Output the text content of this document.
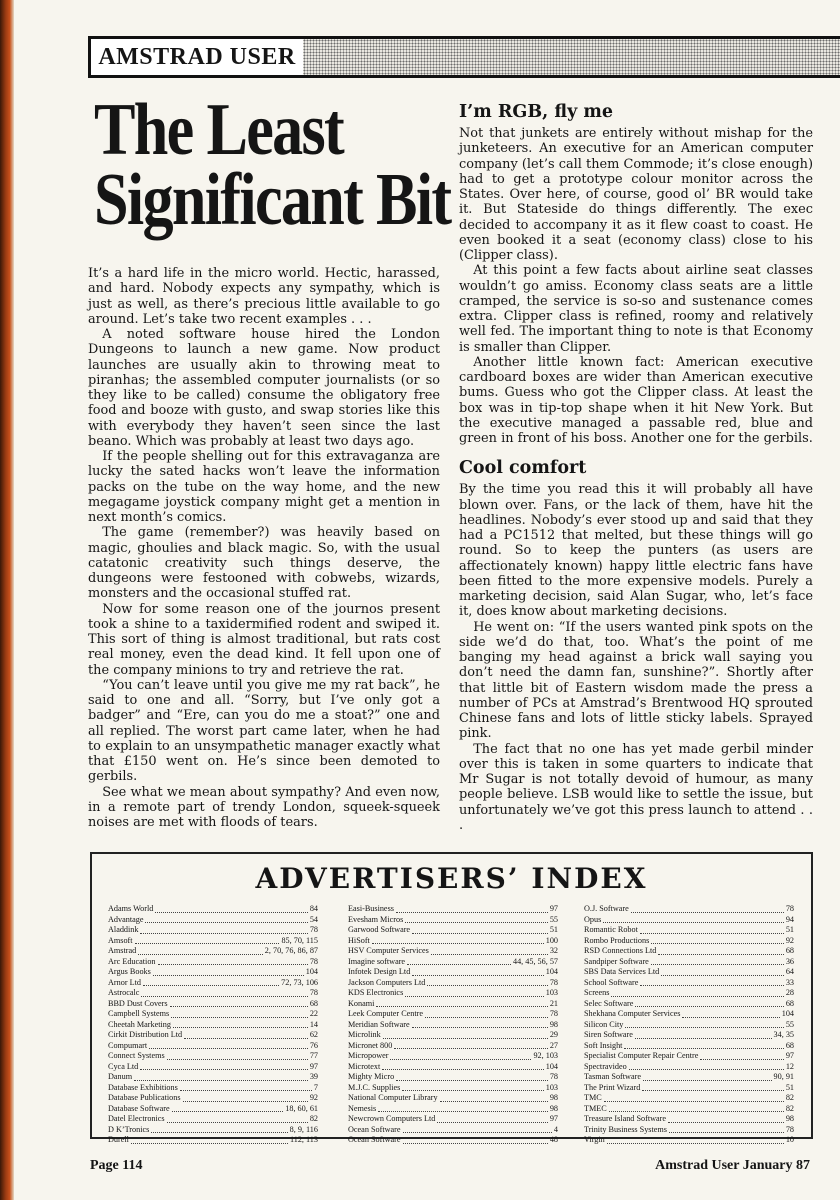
AMSTRAD USER
The Least
Significant Bit

It’s a hard life in the micro world. Hectic, harassed, and hard. Nobody expects any sympathy, which is just as well, as there’s precious little available to go around. Let’s take two recent examples . . .

A noted software house hired the London Dungeons to launch a new game. Now product launches are usually akin to throwing meat to piranhas; the assembled computer journalists (or so they like to be called) consume the obligatory free food and booze with gusto, and swap stories like this with everybody they haven’t seen since the last beano. Which was probably at least two days ago.

If the people shelling out for this extravaganza are lucky the sated hacks won’t leave the information packs on the tube on the way home, and the new megagame joystick company might get a mention in next month’s comics.

The game (remember?) was heavily based on magic, ghoulies and black magic. So, with the usual catatonic creativity such things deserve, the dungeons were festooned with cobwebs, wizards, monsters and the occasional stuffed rat.

Now for some reason one of the journos present took a shine to a taxidermified rodent and swiped it. This sort of thing is almost traditional, but rats cost real money, even the dead kind. It fell upon one of the company minions to try and retrieve the rat.

“You can’t leave until you give me my rat back”, he said to one and all. “Sorry, but I’ve only got a badger” and “Ere, can you do me a stoat?” one and all replied. The worst part came later, when he had to explain to an unsympathetic manager exactly what that £150 went on. He’s since been demoted to gerbils.

See what we mean about sympathy? And even now, in a remote part of trendy London, squeek-squeek noises are met with floods of tears.

I’m RGB, fly me

Not that junkets are entirely without mishap for the junketeers. An executive for an American computer company (let’s call them Commode; it’s close enough) had to get a prototype colour monitor across the States. Over here, of course, good ol’ BR would take it. But Stateside do things differently. The exec decided to accompany it as it flew coast to coast. He even booked it a seat (economy class) close to his (Clipper class).

At this point a few facts about airline seat classes wouldn’t go amiss. Economy class seats are a little cramped, the service is so-so and sustenance comes extra. Clipper class is refined, roomy and relatively well fed. The important thing to note is that Economy is smaller than Clipper.

Another little known fact: American executive cardboard boxes are wider than American executive bums. Guess who got the Clipper class. At least the box was in tip-top shape when it hit New York. But the executive managed a passable red, blue and green in front of his boss. Another one for the gerbils.

Cool comfort

By the time you read this it will probably all have blown over. Fans, or the lack of them, have hit the headlines. Nobody’s ever stood up and said that they had a PC1512 that melted, but these things will go round. So to keep the punters (as users are affectionately known) happy little electric fans have been fitted to the more expensive models. Purely a marketing decision, said Alan Sugar, who, let’s face it, does know about marketing decisions.

He went on: “If the users wanted pink spots on the side we’d do that, too. What’s the point of me banging my head against a brick wall saying you don’t need the damn fan, sunshine?”. Shortly after that little bit of Eastern wisdom made the press a number of PCs at Amstrad’s Brentwood HQ sprouted Chinese fans and lots of little sticky labels. Sprayed pink.

The fact that no one has yet made gerbil minder over this is taken in some quarters to indicate that Mr Sugar is not totally devoid of humour, as many people believe. LSB would like to settle the issue, but unfortunately we’ve got this press launch to attend . . .

ADVERTISERS’ INDEX
Adams World	84
Advantage	54
Aladdink	78
Amsoft	85, 70, 115
Amstrad	2, 70, 76, 86, 87
Arc Education	78
Argus Books	104
Arnor Ltd	72, 73, 106
Astrocalc	78
BBD Dust Covers	68
Campbell Systems	22
Cheetah Marketing	14
Cirkit Distribution Ltd	62
Compumart	76
Connect Systems	77
Cyca Ltd	97
Danum	39
Database Exhibitions	7
Database Publications	92
Database Software	18, 60, 61
Datel Electronics	82
D K’Tronics	8, 9, 116
Durell	112, 113
Easi-Business	97
Evesham Micros	55
Garwood Software	51
HiSoft	100
HSV Computer Services	32
Imagine software	44, 45, 56, 57
Infotek Design Ltd	104
Jackson Computers Ltd	78
KDS Electronics	103
Konami	21
Leek Computer Centre	78
Meridian Software	98
Microlink	29
Micronet 800	27
Micropower	92, 103
Microtext	104
Mighty Micro	78
M.J.C. Supplies	103
National Computer Library	98
Nemesis	98
Newcrown Computers Ltd	97
Ocean Software	4
Ocean Software	48
O.J. Software	78
Opus	94
Romantic Robot	51
Rombo Productions	92
RSD Connections Ltd	68
Sandpiper Software	36
SBS Data Services Ltd	64
School Software	33
Screens	28
Selec Software	68
Shekhana Computer Services	104
Silicon City	55
Siren Software	34, 35
Soft Insight	68
Specialist Computer Repair Centre	97
Spectravideo	12
Tasman Software	90, 91
The Print Wizard	51
TMC	82
TMEC	82
Treasure Island Software	98
Trinity Business Systems	78
Virgin	10
Page 114	Amstrad User January 87
